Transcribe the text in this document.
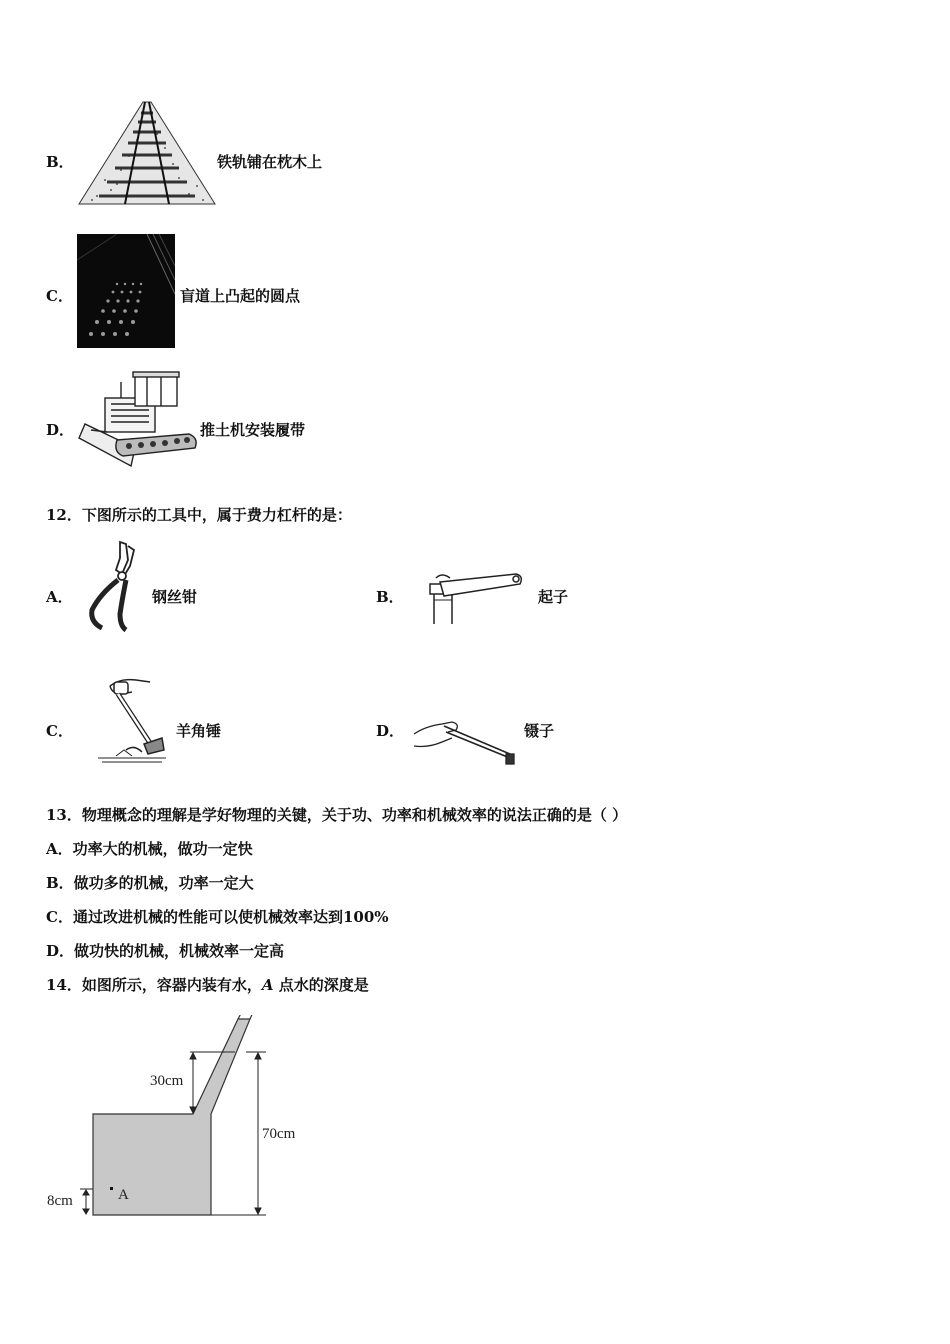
B．	铁轨铺在枕木上
C．	盲道上凸起的圆点
D．	推土机安装履带
12．下图所示的工具中，属于费力杠杆的是：
A．	钢丝钳	B．	起子
C．	羊角锤	D．	镊子
13．物理概念的理解是学好物理的关键，关于功、功率和机械效率的说法正确的是（ ）
A．功率大的机械，做功一定快
B．做功多的机械，功率一定大
C．通过改进机械的性能可以使机械效率达到100%
D．做功快的机械，机械效率一定高
14．如图所示，容器内装有水，A 点水的深度是
30cm
70cm
8cm	A
